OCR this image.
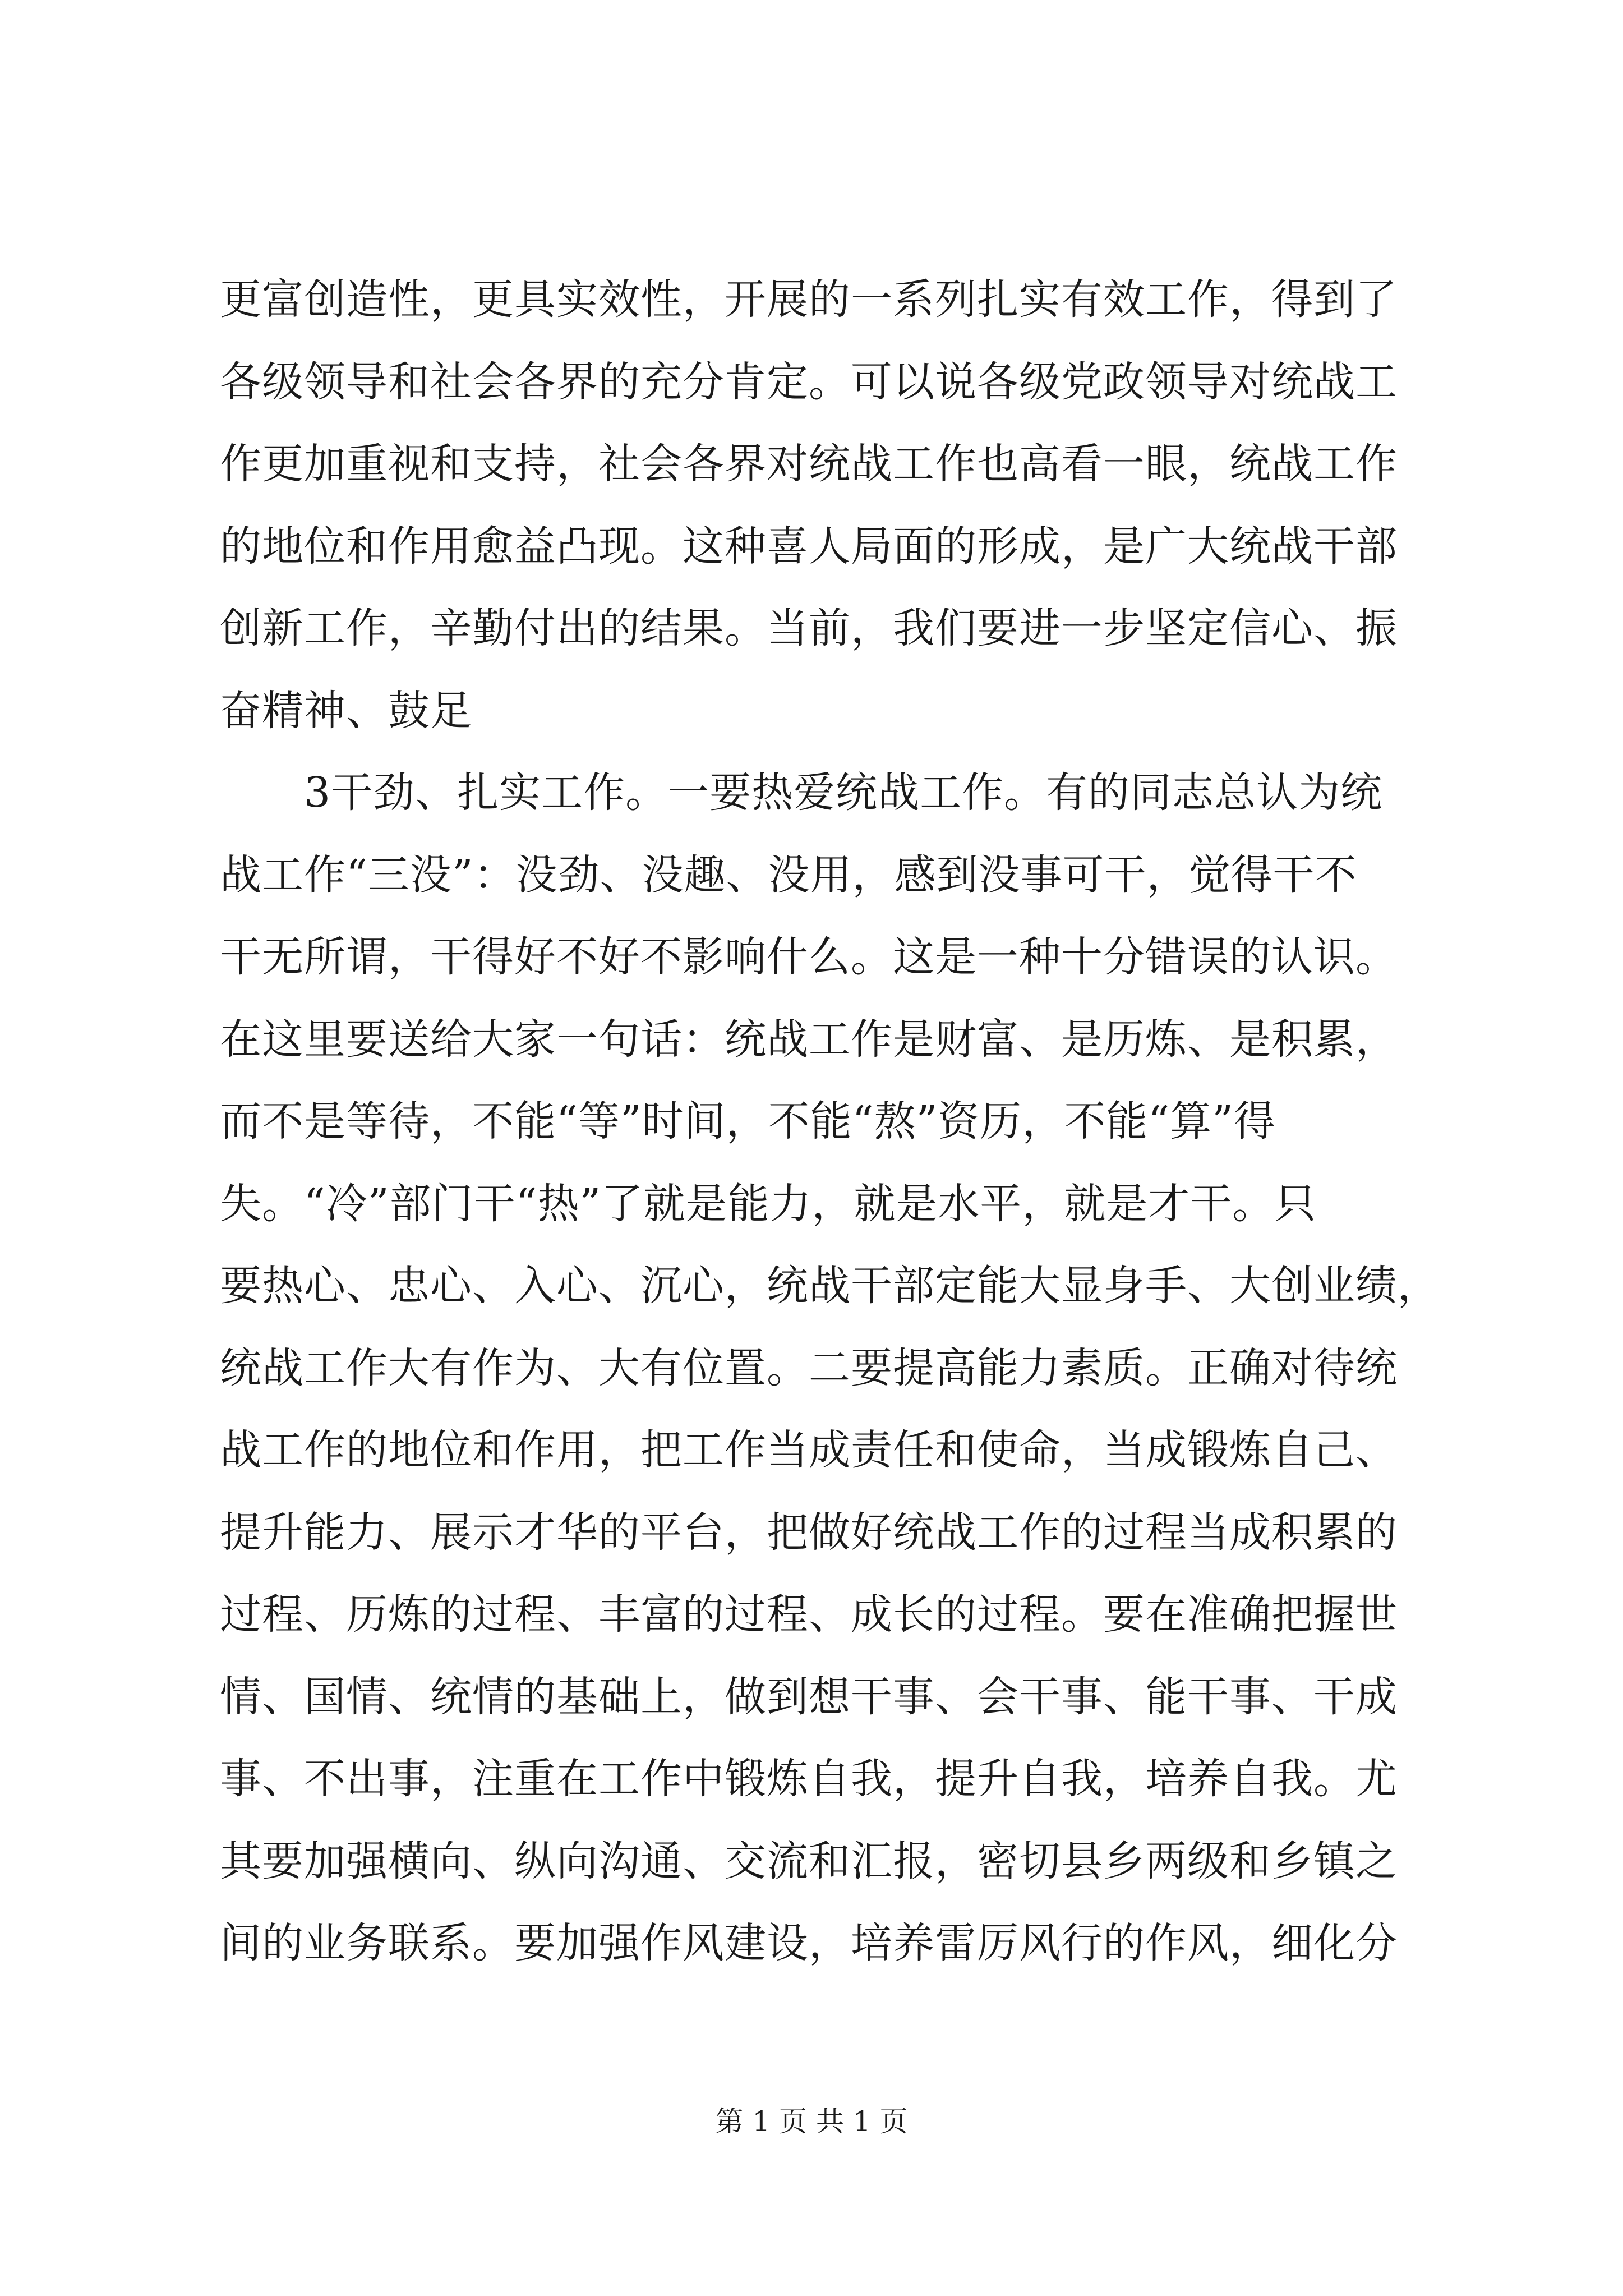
更富创造性，更具实效性，开展的一系列扎实有效工作，得到了
各级领导和社会各界的充分肯定。可以说各级党政领导对统战工
作更加重视和支持，社会各界对统战工作也高看一眼，统战工作
的地位和作用愈益凸现。这种喜人局面的形成，是广大统战干部
创新工作，辛勤付出的结果。当前，我们要进一步坚定信心、振
奋精神、鼓足
　　3干劲、扎实工作。一要热爱统战工作。有的同志总认为统
战工作“三没”：没劲、没趣、没用，感到没事可干，觉得干不
干无所谓，干得好不好不影响什么。这是一种十分错误的认识。
在这里要送给大家一句话：统战工作是财富、是历炼、是积累，
而不是等待，不能“等”时间，不能“熬”资历，不能“算”得
失。“冷”部门干“热”了就是能力，就是水平，就是才干。只
要热心、忠心、入心、沉心，统战干部定能大显身手、大创业绩，
统战工作大有作为、大有位置。二要提高能力素质。正确对待统
战工作的地位和作用，把工作当成责任和使命，当成锻炼自己、
提升能力、展示才华的平台，把做好统战工作的过程当成积累的
过程、历炼的过程、丰富的过程、成长的过程。要在准确把握世
情、国情、统情的基础上，做到想干事、会干事、能干事、干成
事、不出事，注重在工作中锻炼自我，提升自我，培养自我。尤
其要加强横向、纵向沟通、交流和汇报，密切县乡两级和乡镇之
间的业务联系。要加强作风建设，培养雷厉风行的作风，细化分
第 1 页 共 1 页
